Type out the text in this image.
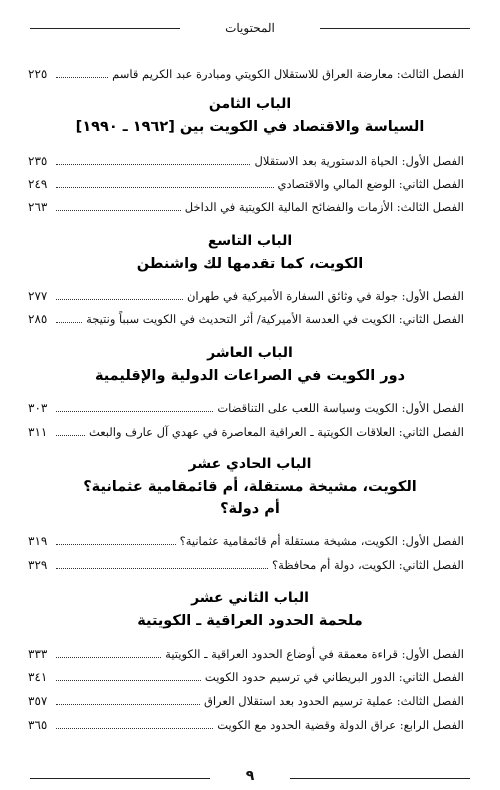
المحتويات
الفصل الثالث: معارضة العراق للاستقلال الكويتي ومبادرة عبد الكريم قاسم
٢٢٥
الباب الثامن
السياسة والاقتصاد في الكويت بين [١٩٦٢ ـ ١٩٩٠]
الفصل الأول: الحياة الدستورية بعد الاستقلال
٢٣٥
الفصل الثاني: الوضع المالي والاقتصادي
٢٤٩
الفصل الثالث: الأزمات والفضائح المالية الكويتية في الداخل
٢٦٣
الباب التاسع
الكويت، كما تقدمها لك واشنطن
الفصل الأول: جولة في وثائق السفارة الأميركية في طهران
٢٧٧
الفصل الثاني: الكويت في العدسة الأميركية/ أثر التحديث في الكويت سبباً ونتيجة
٢٨٥
الباب العاشر
دور الكويت في الصراعات الدولية والإقليمية
الفصل الأول: الكويت وسياسة اللعب على التناقضات
٣٠٣
الفصل الثاني: العلاقات الكويتية ـ العراقية المعاصرة في عهدي آل عارف والبعث
٣١١
الباب الحادي عشر
الكويت، مشيخة مستقلة، أم قائمقامية عثمانية؟
أم دولة؟
الفصل الأول: الكويت، مشيخة مستقلة أم قائمقامية عثمانية؟
٣١٩
الفصل الثاني: الكويت، دولة أم محافظة؟
٣٢٩
الباب الثاني عشر
ملحمة الحدود العراقية ـ الكويتية
الفصل الأول: قراءة معمقة في أوضاع الحدود العراقية ـ الكويتية
٣٣٣
الفصل الثاني: الدور البريطاني في ترسيم حدود الكويت
٣٤١
الفصل الثالث: عملية ترسيم الحدود بعد استقلال العراق
٣٥٧
الفصل الرابع: عراق الدولة وقضية الحدود مع الكويت
٣٦٥
٩
